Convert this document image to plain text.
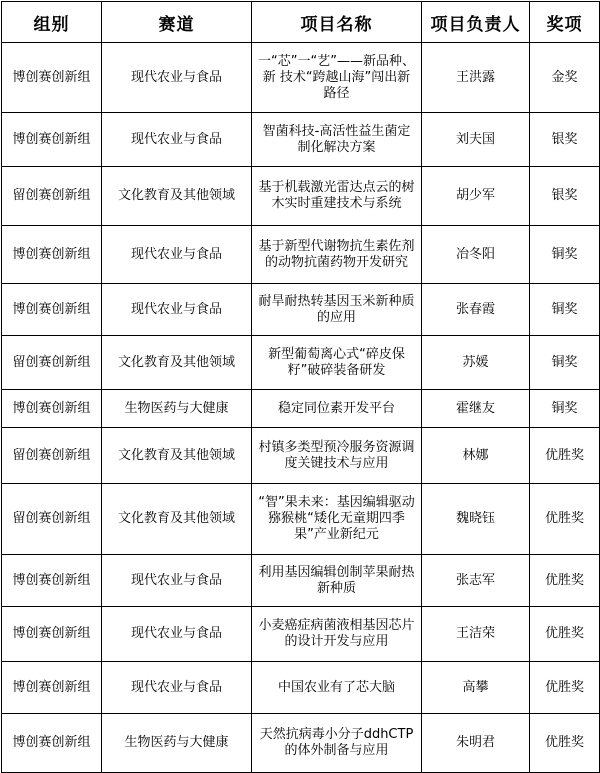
组别	赛道	项目名称	项目负责人	奖项
博创赛创新组	现代农业与食品	一“芯”一“艺”——新品种、新 技术“跨越山海”闯出新路径	王洪露	金奖
博创赛创新组	现代农业与食品	智菌科技-高活性益生菌定制化解决方案	刘夫国	银奖
留创赛创新组	文化教育及其他领域	基于机载激光雷达点云的树木实时重建技术与系统	胡少军	银奖
博创赛创新组	现代农业与食品	基于新型代谢物抗生素佐剂的动物抗菌药物开发研究	冶冬阳	铜奖
博创赛创新组	现代农业与食品	耐旱耐热转基因玉米新种质的应用	张春霞	铜奖
留创赛创新组	文化教育及其他领域	新型葡萄离心式“碎皮保籽”破碎装备研发	苏媛	铜奖
博创赛创新组	生物医药与大健康	稳定同位素开发平台	霍继友	铜奖
留创赛创新组	文化教育及其他领域	村镇多类型预冷服务资源调度关键技术与应用	林娜	优胜奖
留创赛创新组	文化教育及其他领域	“智”果未来：基因编辑驱动猕猴桃“矮化无童期四季果”产业新纪元	魏晓钰	优胜奖
博创赛创新组	现代农业与食品	利用基因编辑创制苹果耐热新种质	张志军	优胜奖
博创赛创新组	现代农业与食品	小麦癌症病菌液相基因芯片的设计开发与应用	王洁荣	优胜奖
博创赛创新组	现代农业与食品	中国农业有了芯大脑	高攀	优胜奖
博创赛创新组	生物医药与大健康	天然抗病毒小分子ddhCTP的体外制备与应用	朱明君	优胜奖
